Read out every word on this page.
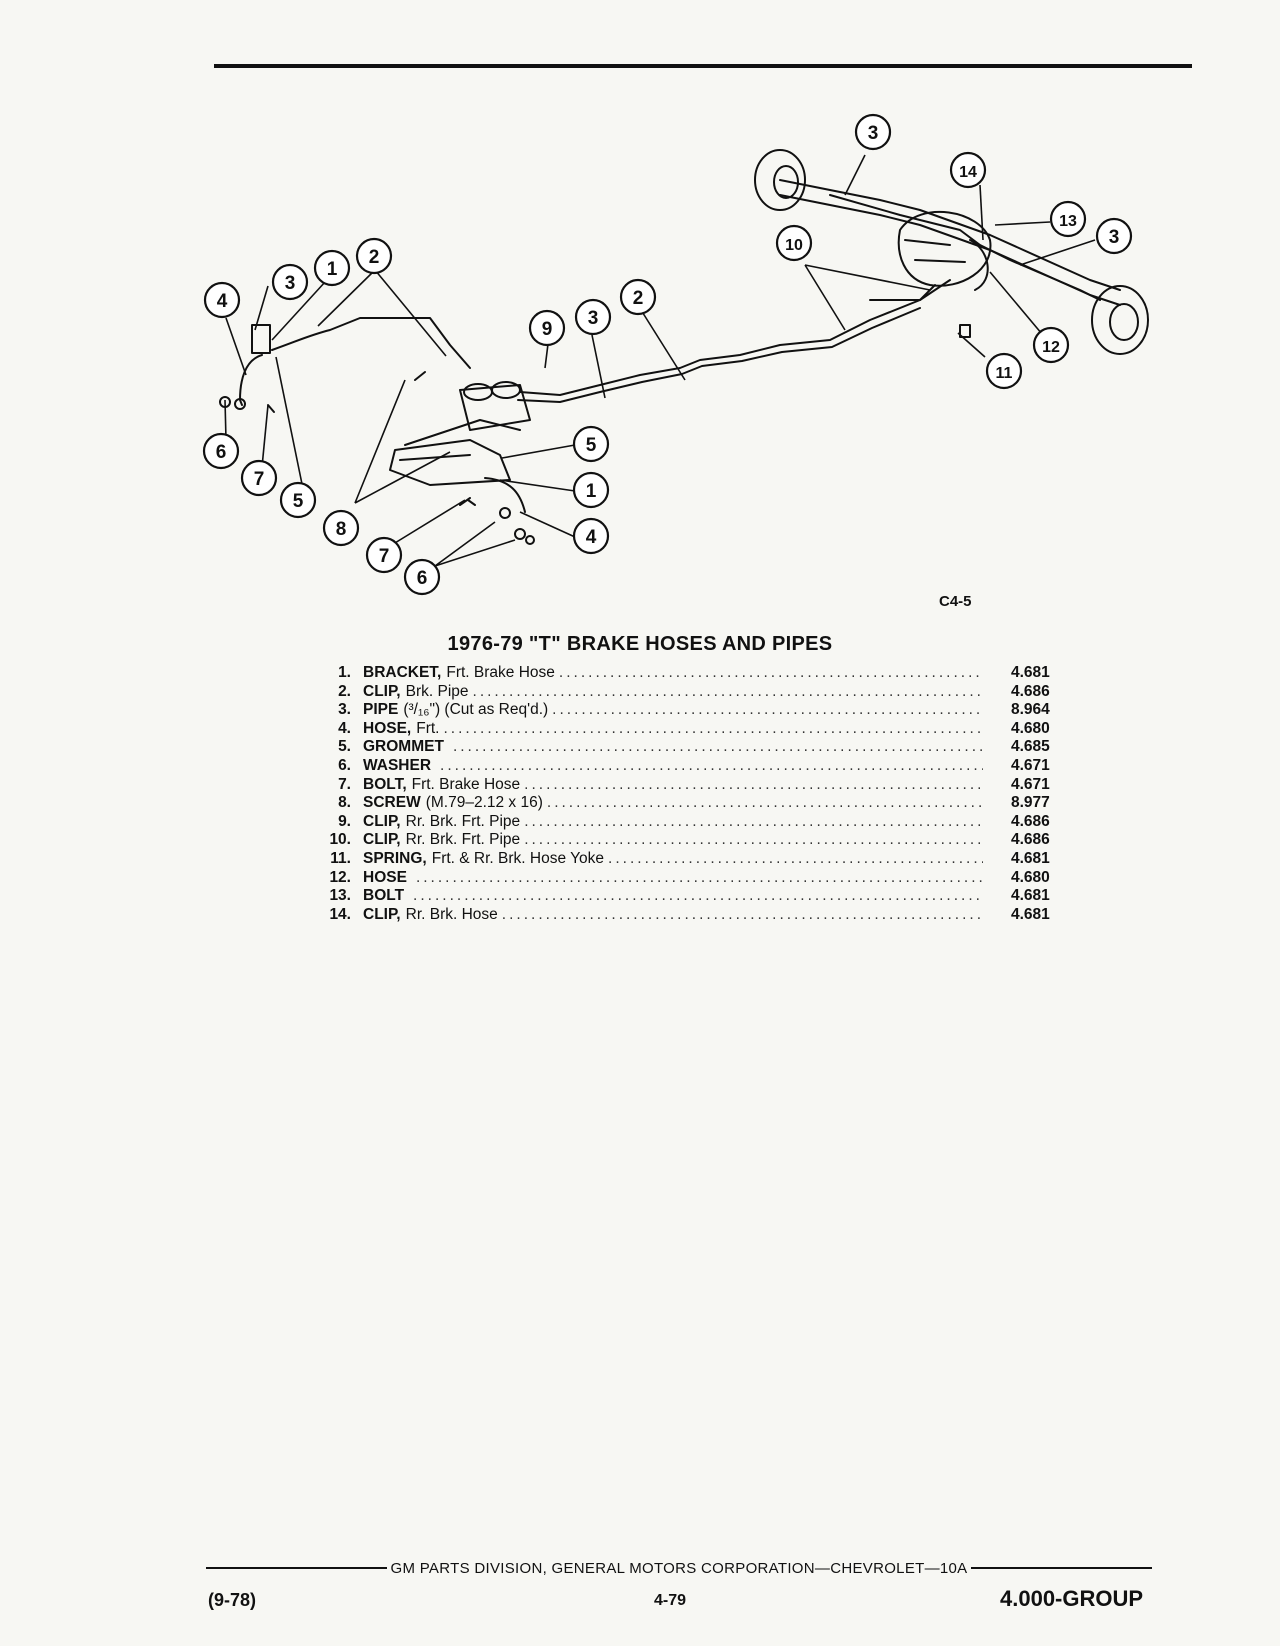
1
2
3
4
6
7
5
8
7
6
4
1
5
9
3
2
3
14
13
3
10
12
11
C4-5
1976-79 "T" BRAKE HOSES AND PIPES
1. BRACKET, Frt. Brake Hose .....	4.681
2. CLIP, Brk. Pipe .....	4.686
3. PIPE (³/₁₆") (Cut as Req'd.) .....	8.964
4. HOSE, Frt. .....	4.680
5. GROMMET .....	4.685
6. WASHER .....	4.671
7. BOLT, Frt. Brake Hose .....	4.671
8. SCREW (M.79–2.12 x 16) .....	8.977
9. CLIP, Rr. Brk. Frt. Pipe .....	4.686
10. CLIP, Rr. Brk. Frt. Pipe .....	4.686
11. SPRING, Frt. & Rr. Brk. Hose Yoke .....	4.681
12. HOSE .....	4.680
13. BOLT .....	4.681
14. CLIP, Rr. Brk. Hose .....	4.681
GM PARTS DIVISION, GENERAL MOTORS CORPORATION—CHEVROLET—10A
(9-78)	4-79	4.000-GROUP
